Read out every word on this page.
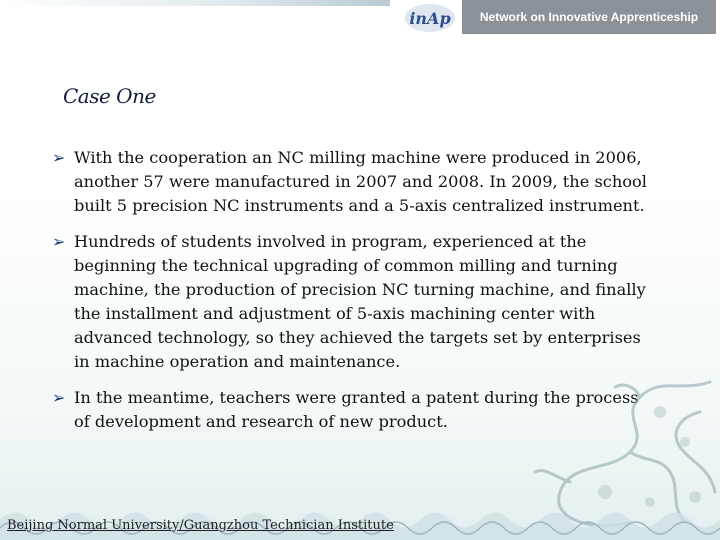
inAp	Network on Innovative Apprenticeship
Case One
➢ With the cooperation an NC milling machine were produced in 2006, another 57 were manufactured in 2007 and 2008. In 2009, the school built 5 precision NC instruments and a 5-axis centralized instrument.
➢ Hundreds of students involved in program, experienced at the beginning the technical upgrading of common milling and turning machine, the production of precision NC turning machine, and finally the installment and adjustment of 5-axis machining center with advanced technology, so they achieved the targets set by enterprises in machine operation and maintenance.
➢ In the meantime, teachers were granted a patent during the process of development and research of new product.
Beijing Normal University/Guangzhou Technician Institute
